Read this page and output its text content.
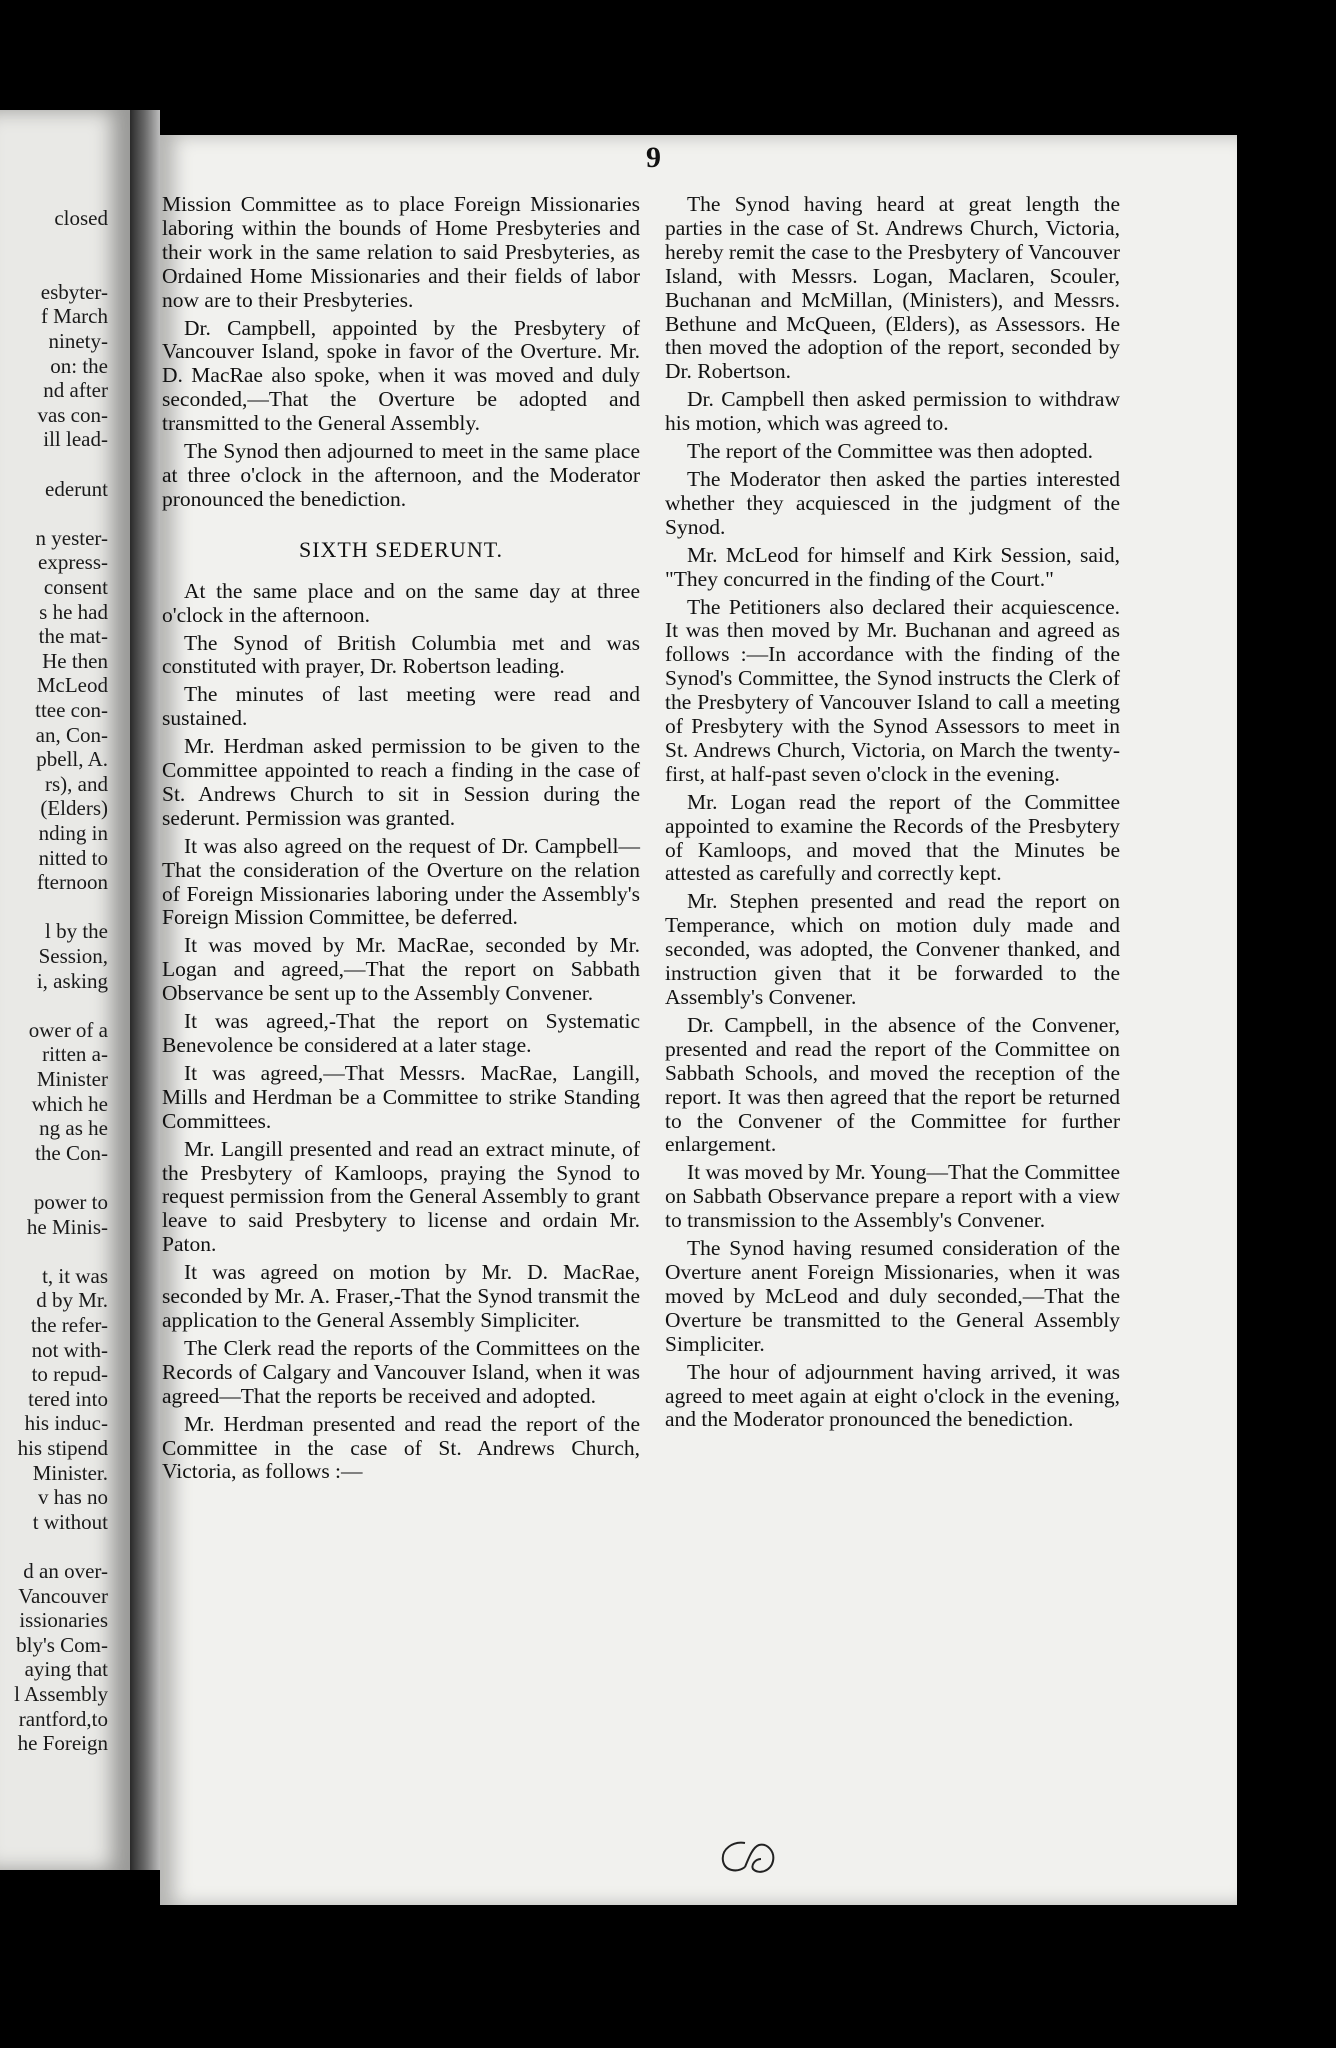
closed
esbyter-
f March
ninety-
on: the
nd after
vas con-
ill lead-
ederunt
n yester-
express-
consent
s he had
the mat-
He then
McLeod
ttee con-
an, Con-
pbell, A.
rs), and
(Elders)
nding in
nitted to
fternoon
l by the
Session,
i, asking
ower of a
ritten a-
Minister
which he
ng as he
the Con-
power to
he Minis-
t, it was
d by Mr.
the refer-
not with-
to repud-
tered into
his induc-
his stipend
Minister.
v has no
t without
d an over-
Vancouver
issionaries
bly's Com-
aying that
l Assembly
rantford,to
he Foreign
9

Mission Committee as to place Foreign Missionaries laboring within the bounds of Home Presbyteries and their work in the same relation to said Presbyteries, as Ordained Home Missionaries and their fields of labor now are to their Presbyteries.

Dr. Campbell, appointed by the Presbytery of Vancouver Island, spoke in favor of the Overture. Mr. D. MacRae also spoke, when it was moved and duly seconded,—That the Overture be adopted and transmitted to the General Assembly.

The Synod then adjourned to meet in the same place at three o'clock in the afternoon, and the Moderator pronounced the benediction.

SIXTH SEDERUNT.

At the same place and on the same day at three o'clock in the afternoon.

The Synod of British Columbia met and was constituted with prayer, Dr. Robertson leading.

The minutes of last meeting were read and sustained.

Mr. Herdman asked permission to be given to the Committee appointed to reach a finding in the case of St. Andrews Church to sit in Session during the sederunt. Permission was granted.

It was also agreed on the request of Dr. Campbell—That the consideration of the Overture on the relation of Foreign Missionaries laboring under the Assembly's Foreign Mission Committee, be deferred.

It was moved by Mr. MacRae, seconded by Mr. Logan and agreed,—That the report on Sabbath Observance be sent up to the Assembly Convener.

It was agreed,-That the report on Systematic Benevolence be considered at a later stage.

It was agreed,—That Messrs. MacRae, Langill, Mills and Herdman be a Committee to strike Standing Committees.

Mr. Langill presented and read an extract minute, of the Presbytery of Kamloops, praying the Synod to request permission from the General Assembly to grant leave to said Presbytery to license and ordain Mr. Paton.

It was agreed on motion by Mr. D. MacRae, seconded by Mr. A. Fraser,-That the Synod transmit the application to the General Assembly Simpliciter.

The Clerk read the reports of the Committees on the Records of Calgary and Vancouver Island, when it was agreed—That the reports be received and adopted.

Mr. Herdman presented and read the report of the Committee in the case of St. Andrews Church, Victoria, as follows :—

The Synod having heard at great length the parties in the case of St. Andrews Church, Victoria, hereby remit the case to the Presbytery of Vancouver Island, with Messrs. Logan, Maclaren, Scouler, Buchanan and McMillan, (Ministers), and Messrs. Bethune and McQueen, (Elders), as Assessors. He then moved the adoption of the report, seconded by Dr. Robertson.

Dr. Campbell then asked permission to withdraw his motion, which was agreed to.

The report of the Committee was then adopted.

The Moderator then asked the parties interested whether they acquiesced in the judgment of the Synod.

Mr. McLeod for himself and Kirk Session, said, "They concurred in the finding of the Court."

The Petitioners also declared their acquiescence. It was then moved by Mr. Buchanan and agreed as follows :—In accordance with the finding of the Synod's Committee, the Synod instructs the Clerk of the Presbytery of Vancouver Island to call a meeting of Presbytery with the Synod Assessors to meet in St. Andrews Church, Victoria, on March the twenty-first, at half-past seven o'clock in the evening.

Mr. Logan read the report of the Committee appointed to examine the Records of the Presbytery of Kamloops, and moved that the Minutes be attested as carefully and correctly kept.

Mr. Stephen presented and read the report on Temperance, which on motion duly made and seconded, was adopted, the Convener thanked, and instruction given that it be forwarded to the Assembly's Convener.

Dr. Campbell, in the absence of the Convener, presented and read the report of the Committee on Sabbath Schools, and moved the reception of the report. It was then agreed that the report be returned to the Convener of the Committee for further enlargement.

It was moved by Mr. Young—That the Committee on Sabbath Observance prepare a report with a view to transmission to the Assembly's Convener.

The Synod having resumed consideration of the Overture anent Foreign Missionaries, when it was moved by McLeod and duly seconded,—That the Overture be transmitted to the General Assembly Simpliciter.

The hour of adjournment having arrived, it was agreed to meet again at eight o'clock in the evening, and the Moderator pronounced the benediction.
